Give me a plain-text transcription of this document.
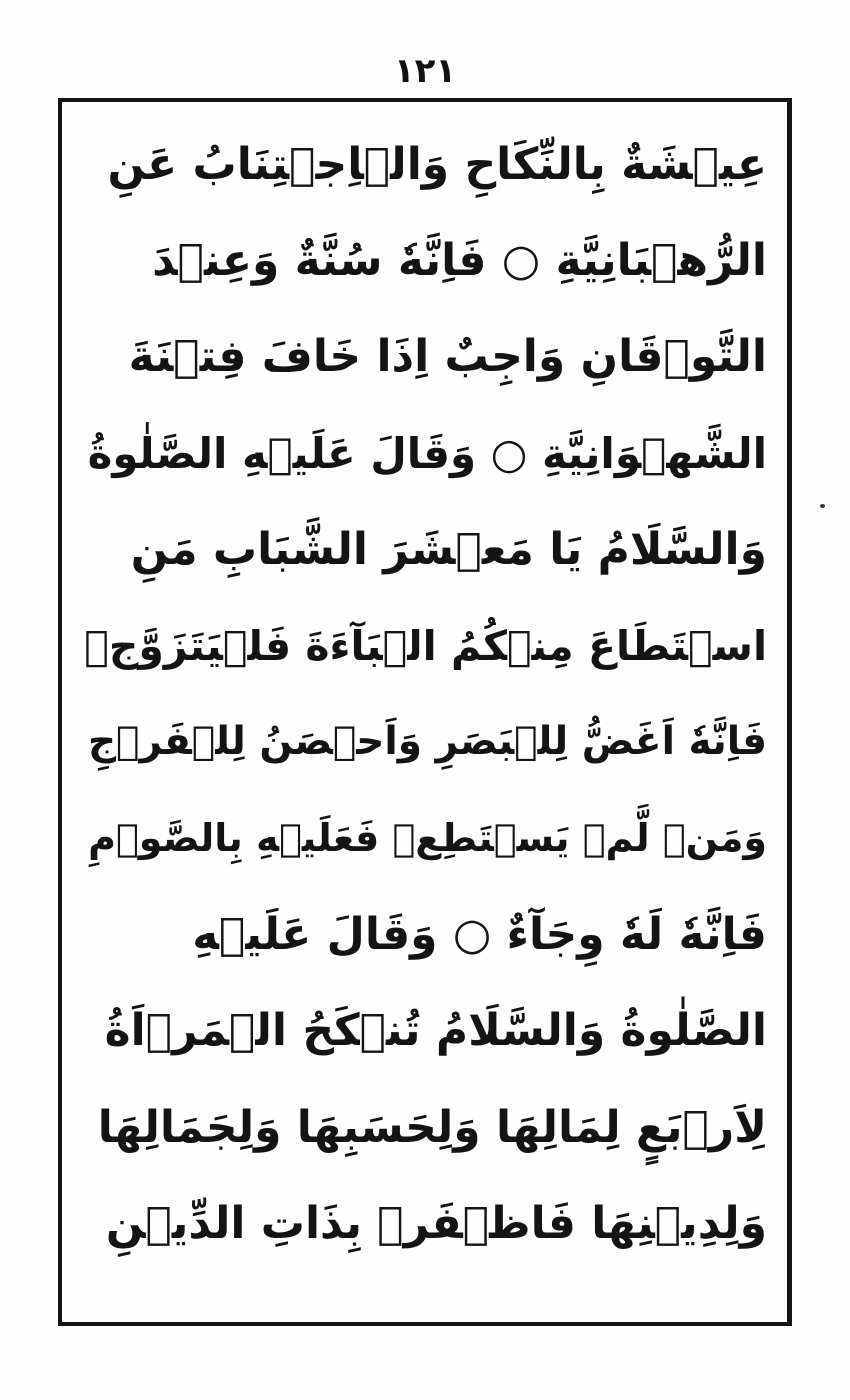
١٢١
عِيۡشَةٌ بِالنِّكَاحِ وَالۡاِجۡتِنَابُ عَنِ
الرُّهۡبَانِيَّةِ ○ فَاِنَّهٗ سُنَّةٌ وَعِنۡدَ
التَّوۡقَانِ وَاجِبٌ اِذَا خَافَ فِتۡنَةَ
الشَّهۡوَانِيَّةِ ○ وَقَالَ عَلَيۡهِ الصَّلٰوةُ
وَالسَّلَامُ يَا مَعۡشَرَ الشَّبَابِ مَنِ
اسۡتَطَاعَ مِنۡكُمُ الۡبَآءَةَ فَلۡيَتَزَوَّجۡ
فَاِنَّهٗ اَغَضُّ لِلۡبَصَرِ وَاَحۡصَنُ لِلۡفَرۡجِ
وَمَنۡ لَّمۡ يَسۡتَطِعۡ فَعَلَيۡهِ بِالصَّوۡمِ
فَاِنَّهٗ لَهٗ وِجَآءٌ ○ وَقَالَ عَلَيۡهِ
الصَّلٰوةُ وَالسَّلَامُ تُنۡكَحُ الۡمَرۡاَةُ
لِاَرۡبَعٍ لِمَالِهَا وَلِحَسَبِهَا وَلِجَمَالِهَا
وَلِدِيۡنِهَا فَاظۡفَرۡ بِذَاتِ الدِّيۡنِ
